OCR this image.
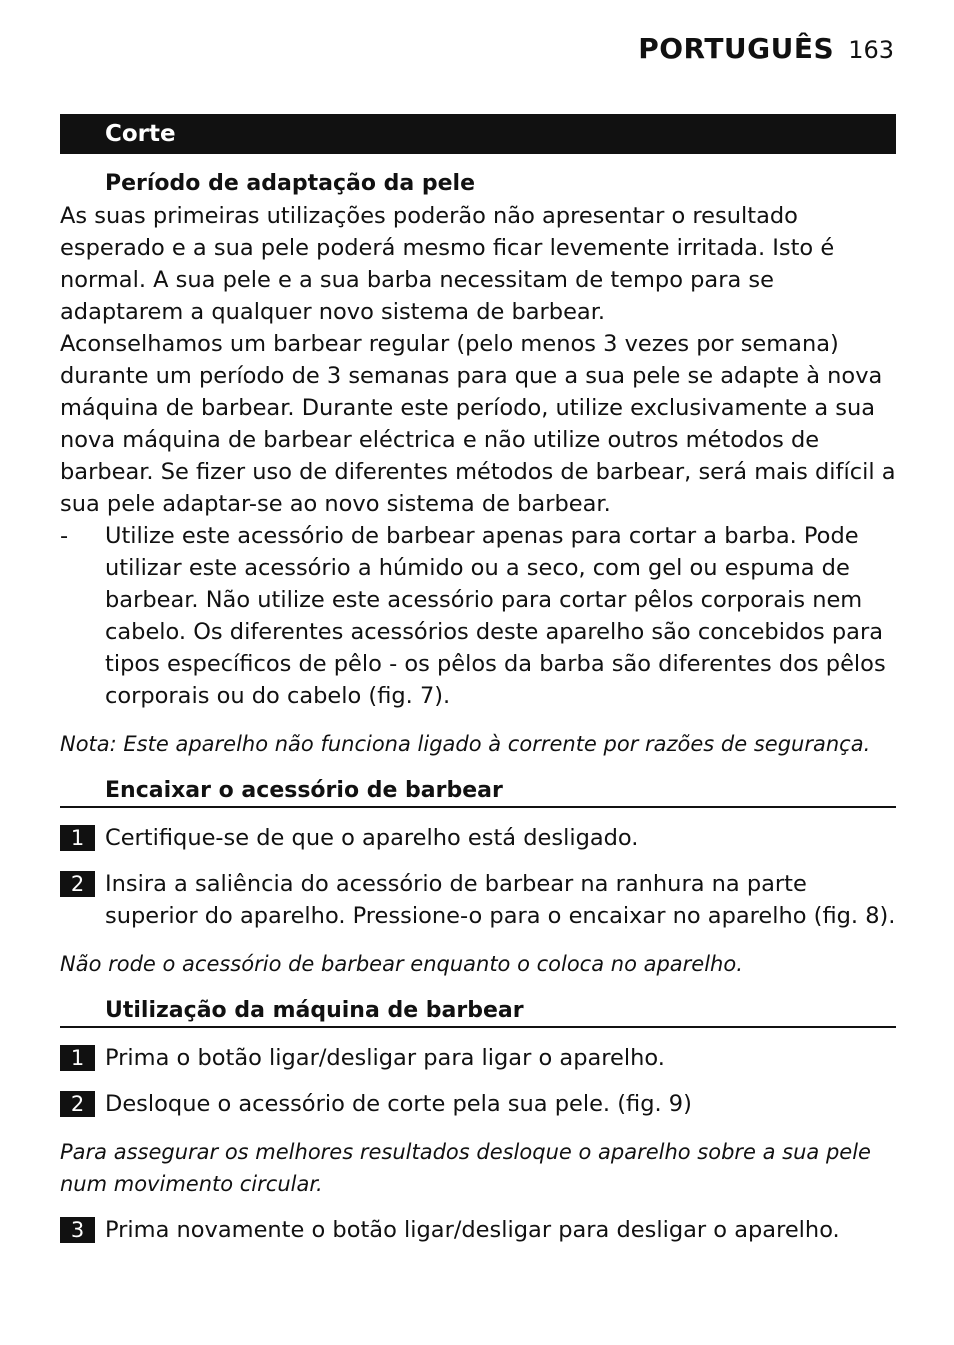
PORTUGUÊS 163
Corte
Período de adaptação da pele

As suas primeiras utilizações poderão não apresentar o resultado esperado e a sua pele poderá mesmo ficar levemente irritada. Isto é normal. A sua pele e a sua barba necessitam de tempo para se adaptarem a qualquer novo sistema de barbear.

Aconselhamos um barbear regular (pelo menos 3 vezes por semana) durante um período de 3 semanas para que a sua pele se adapte à nova máquina de barbear. Durante este período, utilize exclusivamente a sua nova máquina de barbear eléctrica e não utilize outros métodos de barbear. Se fizer uso de diferentes métodos de barbear, será mais difícil a sua pele adaptar-se ao novo sistema de barbear.

-	Utilize este acessório de barbear apenas para cortar a barba. Pode utilizar este acessório a húmido ou a seco, com gel ou espuma de barbear. Não utilize este acessório para cortar pêlos corporais nem cabelo. Os diferentes acessórios deste aparelho são concebidos para tipos específicos de pêlo - os pêlos da barba são diferentes dos pêlos corporais ou do cabelo (fig. 7).
Nota: Este aparelho não funciona ligado à corrente por razões de segurança.
Encaixar o acessório de barbear
1 Certifique-se de que o aparelho está desligado.
2 Insira a saliência do acessório de barbear na ranhura na parte superior do aparelho. Pressione-o para o encaixar no aparelho (fig. 8).
Não rode o acessório de barbear enquanto o coloca no aparelho.
Utilização da máquina de barbear
1 Prima o botão ligar/desligar para ligar o aparelho.
2 Desloque o acessório de corte pela sua pele. (fig. 9)
Para assegurar os melhores resultados desloque o aparelho sobre a sua pele num movimento circular.
3 Prima novamente o botão ligar/desligar para desligar o aparelho.
